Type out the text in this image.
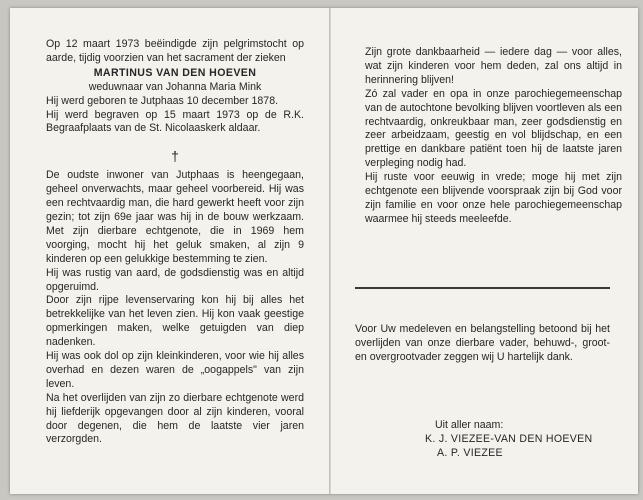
Op 12 maart 1973 beëindigde zijn pelgrimstocht op aarde, tijdig voorzien van het sacrament der zieken

MARTINUS VAN DEN HOEVEN

weduwnaar van Johanna Maria Mink

Hij werd geboren te Jutphaas 10 december 1878.

Hij werd begraven op 15 maart 1973 op de R.K. Begraafplaats van de St. Nicolaaskerk aldaar.

†

De oudste inwoner van Jutphaas is heengegaan, geheel onverwachts, maar geheel voorbereid. Hij was een rechtvaardig man, die hard gewerkt heeft voor zijn gezin; tot zijn 69e jaar was hij in de bouw werkzaam. Met zijn dierbare echtgenote, die in 1969 hem voorging, mocht hij het geluk smaken, al zijn 9 kinderen op een gelukkige bestemming te zien.

Hij was rustig van aard, de godsdienstig was en altijd opgeruimd.

Door zijn rijpe levenservaring kon hij bij alles het betrekkelijke van het leven zien. Hij kon vaak geestige opmerkingen maken, welke getuigden van diep nadenken.

Hij was ook dol op zijn kleinkinderen, voor wie hij alles overhad en dezen waren de „oogappels" van zijn leven.

Na het overlijden van zijn zo dierbare echtgenote werd hij liefderijk opgevangen door al zijn kinderen, vooral door degenen, die hem de laatste vier jaren verzorgden.

Zijn grote dankbaarheid — iedere dag — voor alles, wat zijn kinderen voor hem deden, zal ons altijd in herinnering blijven!

Zó zal vader en opa in onze parochiegemeenschap van de autochtone bevolking blijven voortleven als een rechtvaardig, onkreukbaar man, zeer godsdienstig en zeer arbeidzaam, geestig en vol blijdschap, en een prettige en dankbare patiënt toen hij de laatste jaren verpleging nodig had.

Hij ruste voor eeuwig in vrede; moge hij met zijn echtgenote een blijvende voorspraak zijn bij God voor zijn familie en voor onze hele parochiegemeenschap waarmee hij steeds meeleefde.

Voor Uw medeleven en belangstelling betoond bij het overlijden van onze dierbare vader, behuwd-, groot- en overgrootvader zeggen wij U hartelijk dank.

Uit aller naam:
K. J. VIEZEE-VAN DEN HOEVEN
A. P. VIEZEE
